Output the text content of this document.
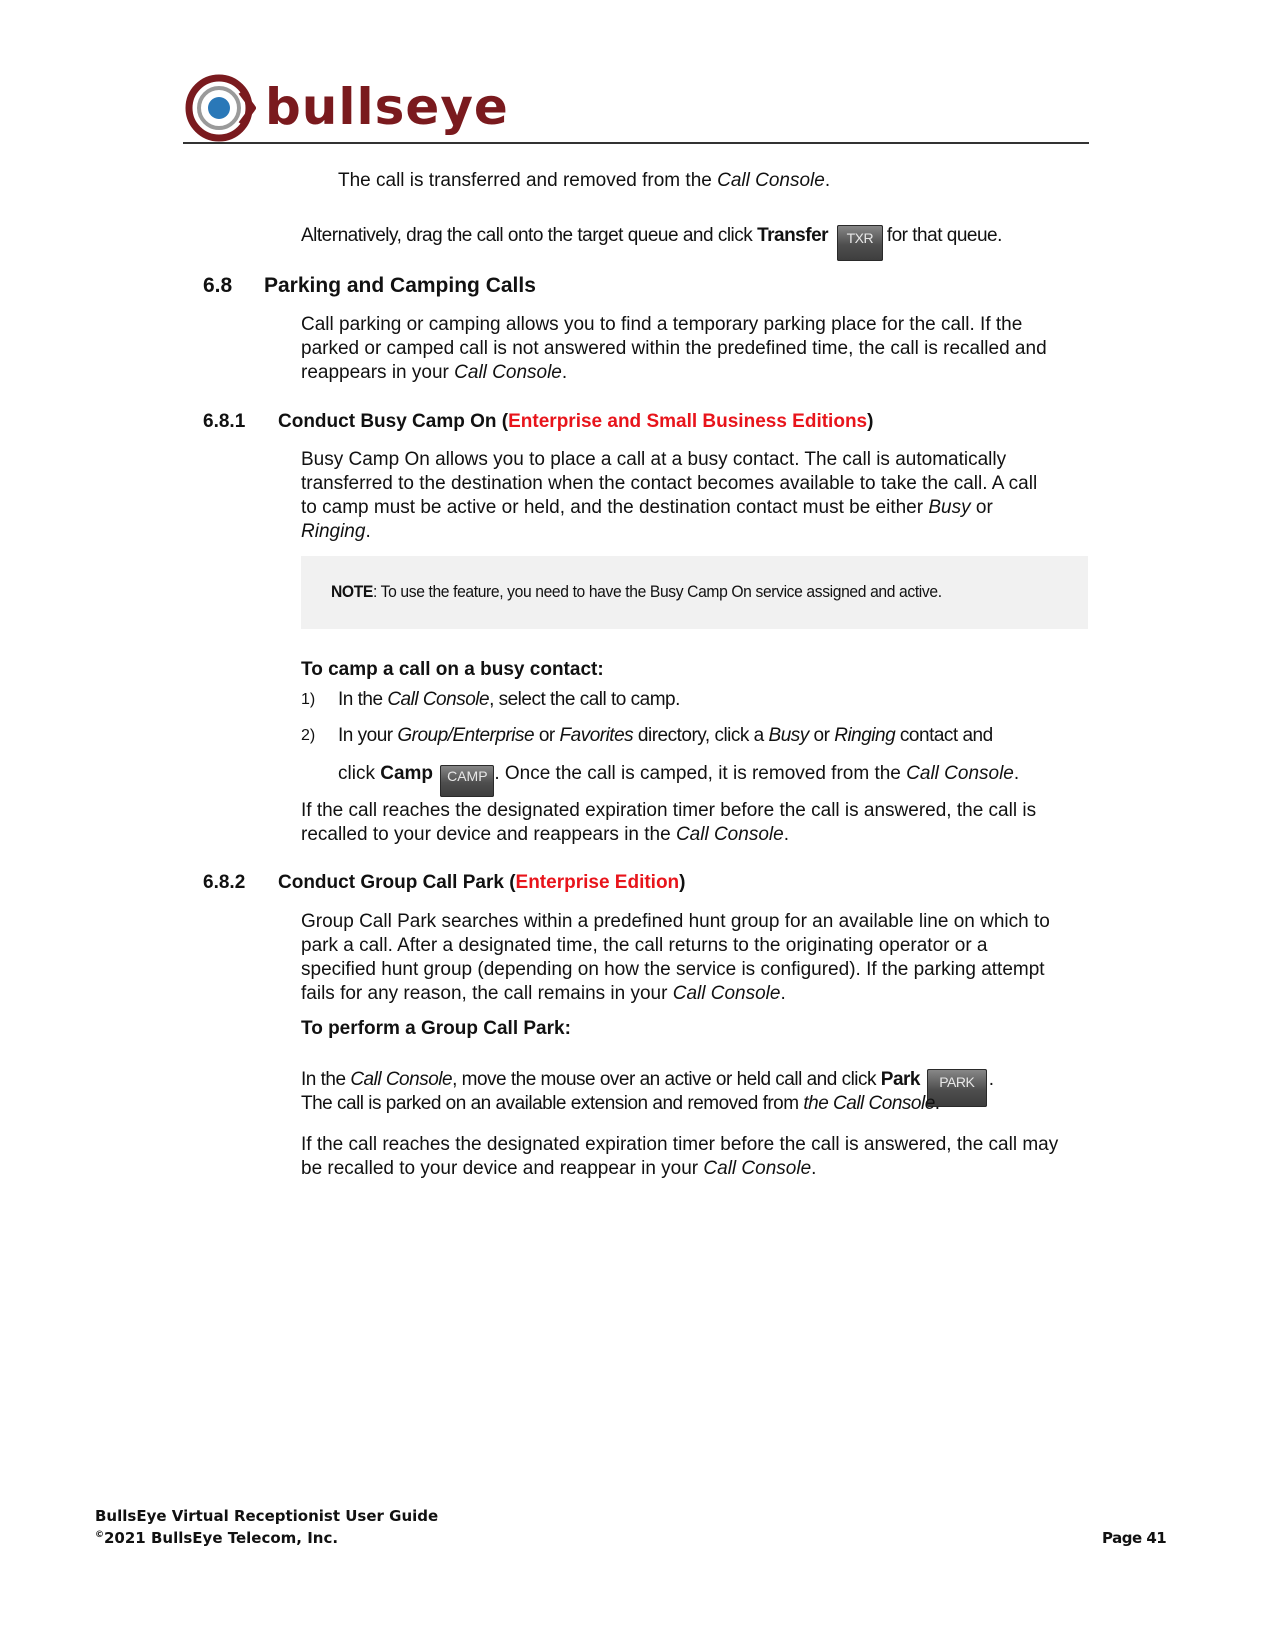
bullseye
The call is transferred and removed from the Call Console.
Alternatively, drag the call onto the target queue and click Transfer TXR for that queue.
6.8 Parking and Camping Calls
Call parking or camping allows you to find a temporary parking place for the call. If the
parked or camped call is not answered within the predefined time, the call is recalled and
reappears in your Call Console.
6.8.1 Conduct Busy Camp On (Enterprise and Small Business Editions)
Busy Camp On allows you to place a call at a busy contact. The call is automatically
transferred to the destination when the contact becomes available to take the call. A call
to camp must be active or held, and the destination contact must be either Busy or
Ringing.
NOTE: To use the feature, you need to have the Busy Camp On service assigned and active.
To camp a call on a busy contact:
1) In the Call Console, select the call to camp.
2) In your Group/Enterprise or Favorites directory, click a Busy or Ringing contact and
click Camp CAMP . Once the call is camped, it is removed from the Call Console.
If the call reaches the designated expiration timer before the call is answered, the call is
recalled to your device and reappears in the Call Console.
6.8.2 Conduct Group Call Park (Enterprise Edition)
Group Call Park searches within a predefined hunt group for an available line on which to
park a call. After a designated time, the call returns to the originating operator or a
specified hunt group (depending on how the service is configured). If the parking attempt
fails for any reason, the call remains in your Call Console.
To perform a Group Call Park:
In the Call Console, move the mouse over an active or held call and click Park PARK .
The call is parked on an available extension and removed from the Call Console.
If the call reaches the designated expiration timer before the call is answered, the call may
be recalled to your device and reappear in your Call Console.
BullsEye Virtual Receptionist User Guide
©2021 BullsEye Telecom, Inc.	Page 41
